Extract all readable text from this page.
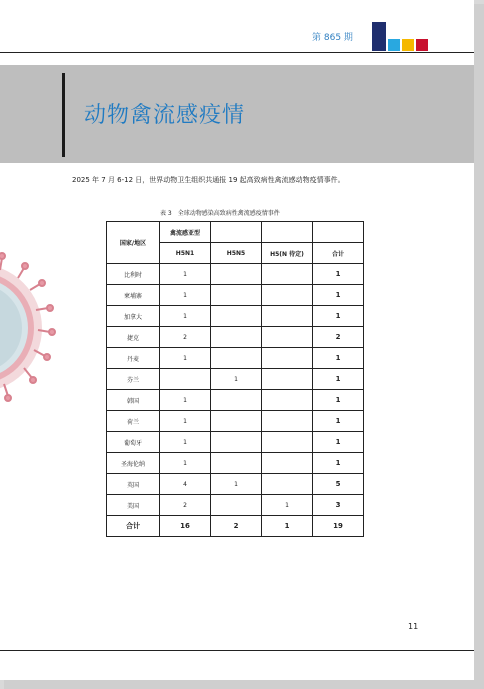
第 865 期
动物禽流感疫情
2025 年 7 月 6-12 日，世界动物卫生组织共通报 19 起高致病性禽流感动物疫情事件。
表 3　全球动物感染高致病性禽流感疫情事件
国家/地区	禽流感亚型			
	H5N1	H5N5	H5(N 待定)	合计
比利时	1			1
柬埔寨	1			1
加拿大	1			1
捷克	2			2
丹麦	1			1
芬兰		1		1
韩国	1			1
荷兰	1			1
葡萄牙	1			1
圣海伦纳	1			1
英国	4	1		5
美国	2		1	3
合计	16	2	1	19
11
